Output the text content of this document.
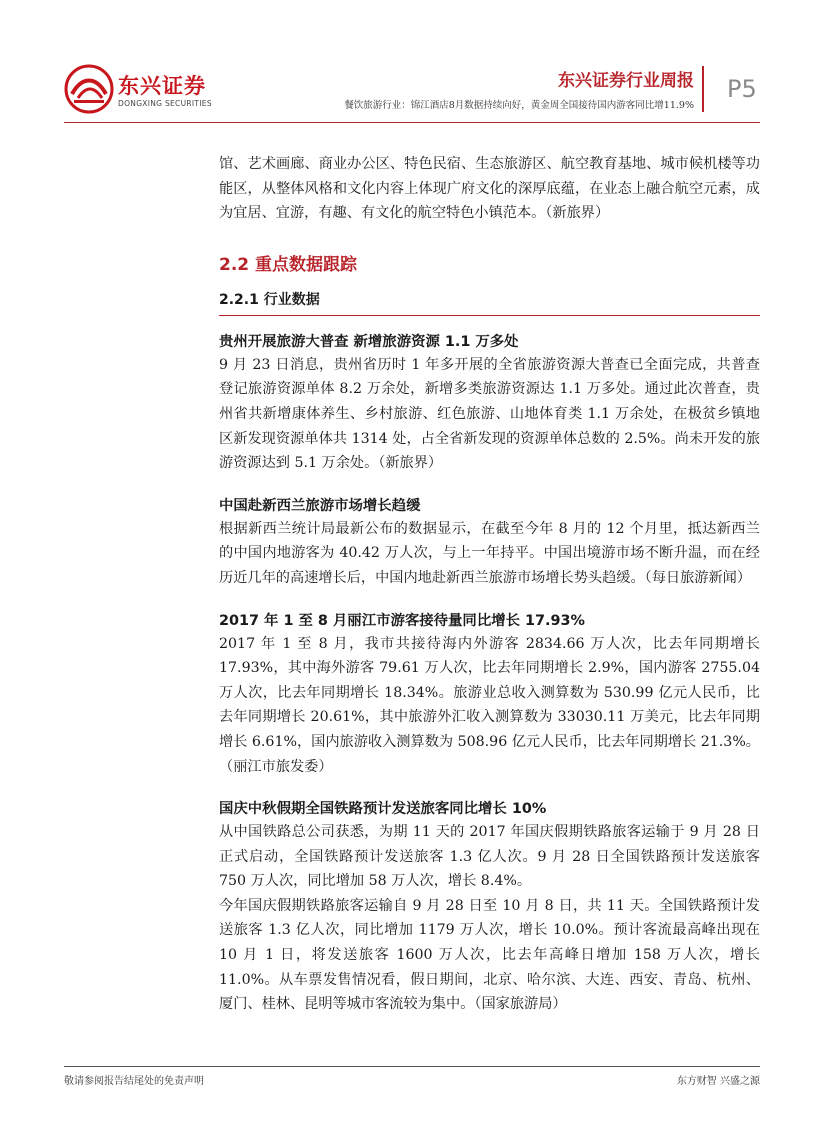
东兴证券
DONGXING SECURITIES
东兴证券行业周报
餐饮旅游行业：锦江酒店8月数据持续向好，黄金周全国接待国内游客同比增11.9%
P5

馆、艺术画廊、商业办公区、特色民宿、生态旅游区、航空教育基地、城市候机楼等功能区，从整体风格和文化内容上体现广府文化的深厚底蕴，在业态上融合航空元素，成为宜居、宜游，有趣、有文化的航空特色小镇范本。（新旅界）

2.2 重点数据跟踪
2.2.1 行业数据
贵州开展旅游大普查 新增旅游资源 1.1 万多处

9 月 23 日消息，贵州省历时 1 年多开展的全省旅游资源大普查已全面完成，共普查登记旅游资源单体 8.2 万余处，新增多类旅游资源达 1.1 万多处。通过此次普查，贵州省共新增康体养生、乡村旅游、红色旅游、山地体育类 1.1 万余处，在极贫乡镇地区新发现资源单体共 1314 处，占全省新发现的资源单体总数的 2.5%。尚未开发的旅游资源达到 5.1 万余处。（新旅界）

中国赴新西兰旅游市场增长趋缓

根据新西兰统计局最新公布的数据显示，在截至今年 8 月的 12 个月里，抵达新西兰的中国内地游客为 40.42 万人次，与上一年持平。中国出境游市场不断升温，而在经历近几年的高速增长后，中国内地赴新西兰旅游市场增长势头趋缓。（每日旅游新闻）

2017 年 1 至 8 月丽江市游客接待量同比增长 17.93%

2017 年 1 至 8 月，我市共接待海内外游客 2834.66 万人次，比去年同期增长 17.93%，其中海外游客 79.61 万人次，比去年同期增长 2.9%，国内游客 2755.04 万人次，比去年同期增长 18.34%。旅游业总收入测算数为 530.99 亿元人民币，比去年同期增长 20.61%，其中旅游外汇收入测算数为 33030.11 万美元，比去年同期增长 6.61%，国内旅游收入测算数为 508.96 亿元人民币，比去年同期增长 21.3%。（丽江市旅发委）

国庆中秋假期全国铁路预计发送旅客同比增长 10%

从中国铁路总公司获悉，为期 11 天的 2017 年国庆假期铁路旅客运输于 9 月 28 日正式启动，全国铁路预计发送旅客 1.3 亿人次。9 月 28 日全国铁路预计发送旅客 750 万人次，同比增加 58 万人次，增长 8.4%。

今年国庆假期铁路旅客运输自 9 月 28 日至 10 月 8 日，共 11 天。全国铁路预计发送旅客 1.3 亿人次，同比增加 1179 万人次，增长 10.0%。预计客流最高峰出现在 10 月 1 日，将发送旅客 1600 万人次，比去年高峰日增加 158 万人次，增长 11.0%。从车票发售情况看，假日期间，北京、哈尔滨、大连、西安、青岛、杭州、厦门、桂林、昆明等城市客流较为集中。（国家旅游局）

敬请参阅报告结尾处的免责声明	东方财智 兴盛之源
